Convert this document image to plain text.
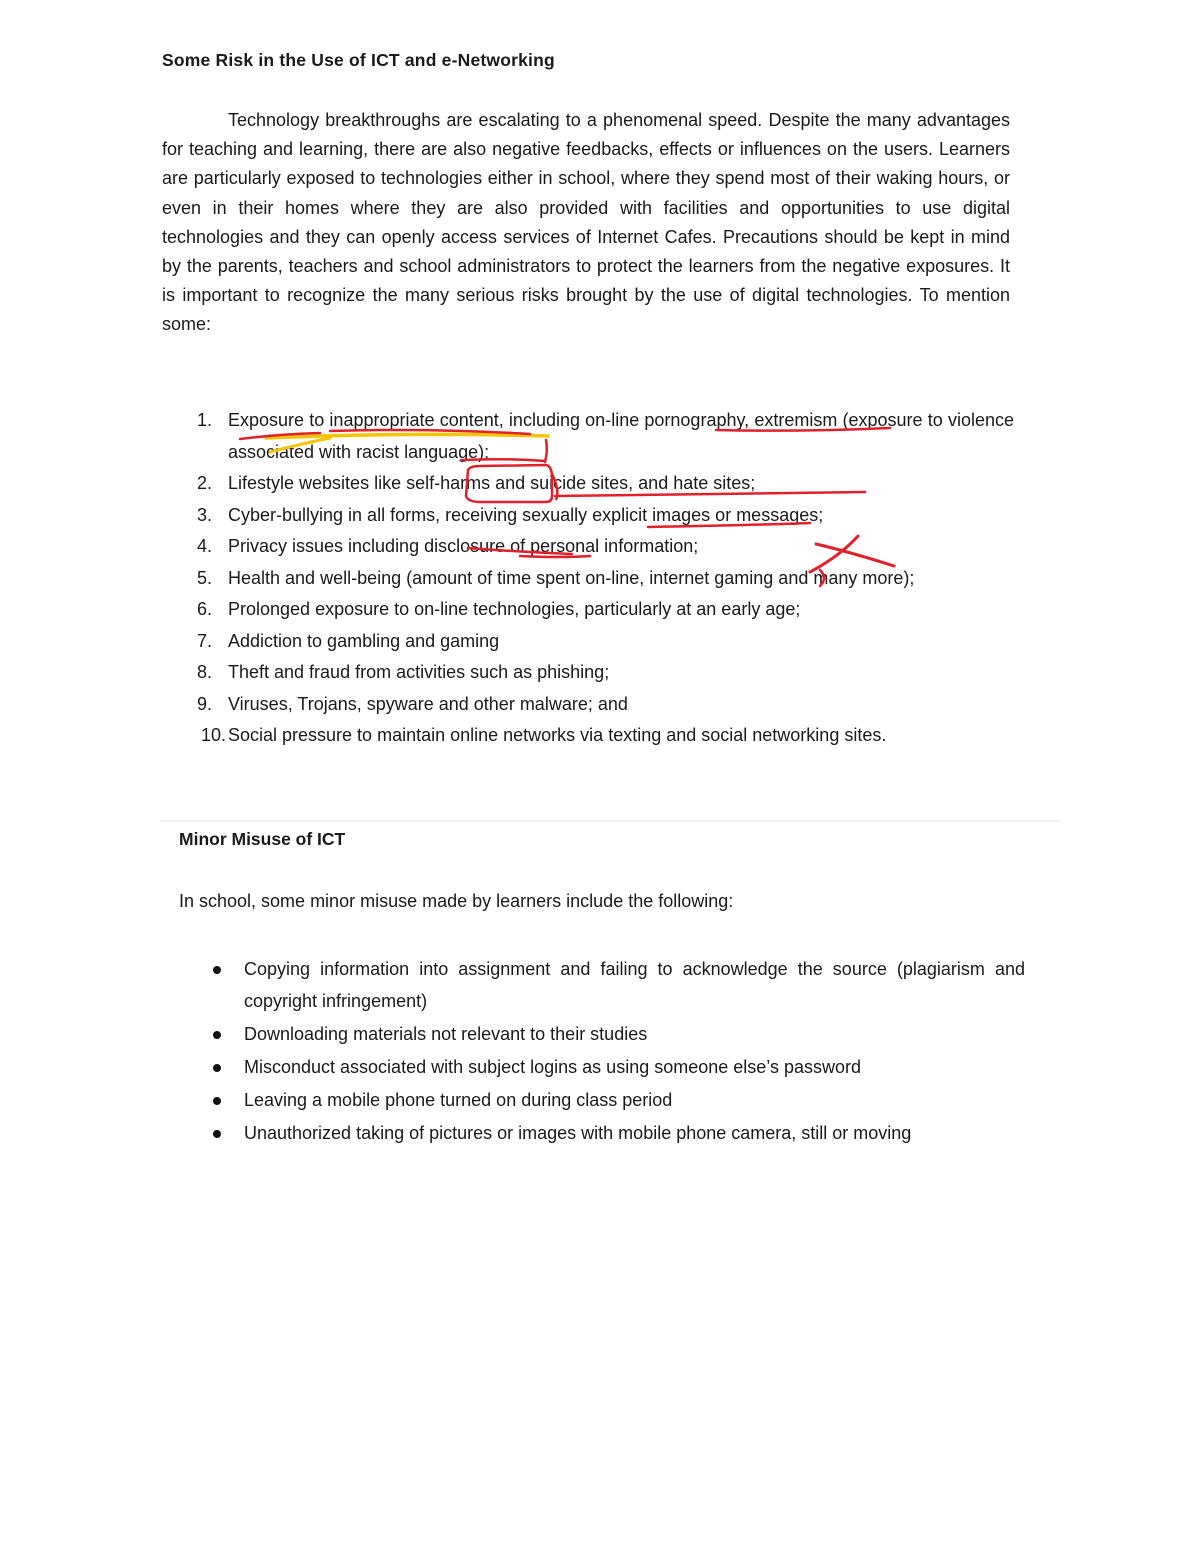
Some Risk in the Use of ICT and e-Networking

Technology breakthroughs are escalating to a phenomenal speed. Despite the many advantages for teaching and learning, there are also negative feedbacks, effects or influences on the users. Learners are particularly exposed to technologies either in school, where they spend most of their waking hours, or even in their homes where they are also provided with facilities and opportunities to use digital technologies and they can openly access services of Internet Cafes. Precautions should be kept in mind by the parents, teachers and school administrators to protect the learners from the negative exposures. It is important to recognize the many serious risks brought by the use of digital technologies. To mention some:

1. Exposure to inappropriate content, including on-line pornography, extremism (exposure to violence associated with racist language);
2. Lifestyle websites like self-harms and suicide sites, and hate sites;
3. Cyber-bullying in all forms, receiving sexually explicit images or messages;
4. Privacy issues including disclosure of personal information;
5. Health and well-being (amount of time spent on-line, internet gaming and many more);
6. Prolonged exposure to on-line technologies, particularly at an early age;
7. Addiction to gambling and gaming
8. Theft and fraud from activities such as phishing;
9. Viruses, Trojans, spyware and other malware; and
10. Social pressure to maintain online networks via texting and social networking sites.
Minor Misuse of ICT
In school, some minor misuse made by learners include the following:
Copying information into assignment and failing to acknowledge the source (plagiarism and copyright infringement)
Downloading materials not relevant to their studies
Misconduct associated with subject logins as using someone else’s password
Leaving a mobile phone turned on during class period
Unauthorized taking of pictures or images with mobile phone camera, still or moving
